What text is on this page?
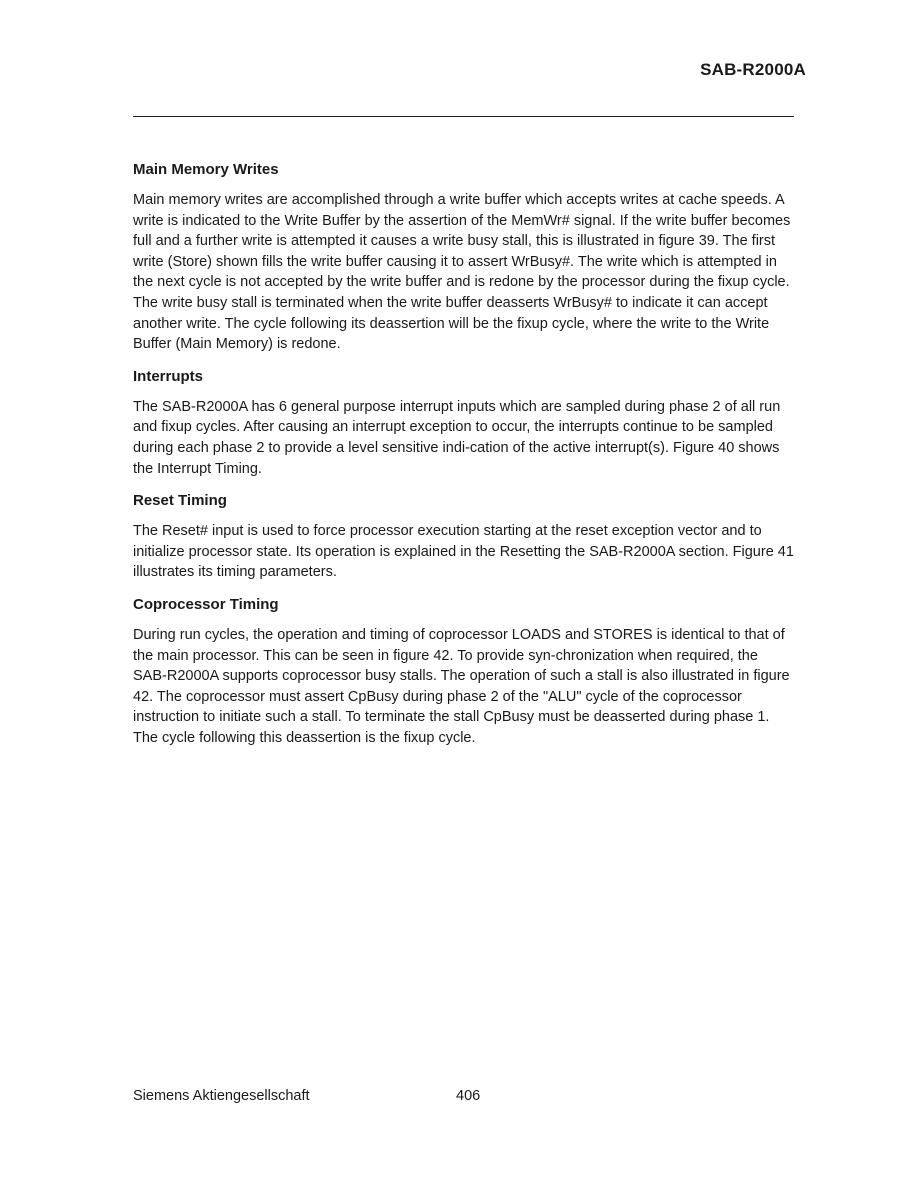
SAB-R2000A
Main Memory Writes

Main memory writes are accomplished through a write buffer which accepts writes at cache speeds. A write is indicated to the Write Buffer by the assertion of the MemWr# signal. If the write buffer becomes full and a further write is attempted it causes a write busy stall, this is illustrated in figure 39. The first write (Store) shown fills the write buffer causing it to assert WrBusy#. The write which is attempted in the next cycle is not accepted by the write buffer and is redone by the processor during the fixup cycle. The write busy stall is terminated when the write buffer deasserts WrBusy# to indicate it can accept another write. The cycle following its deassertion will be the fixup cycle, where the write to the Write Buffer (Main Memory) is redone.

Interrupts

The SAB-R2000A has 6 general purpose interrupt inputs which are sampled during phase 2 of all run and fixup cycles. After causing an interrupt exception to occur, the interrupts continue to be sampled during each phase 2 to provide a level sensitive indi-cation of the active interrupt(s). Figure 40 shows the Interrupt Timing.

Reset Timing

The Reset# input is used to force processor execution starting at the reset exception vector and to initialize processor state. Its operation is explained in the Resetting the SAB-R2000A section. Figure 41 illustrates its timing parameters.

Coprocessor Timing

During run cycles, the operation and timing of coprocessor LOADS and STORES is identical to that of the main processor. This can be seen in figure 42. To provide syn-chronization when required, the SAB-R2000A supports coprocessor busy stalls. The operation of such a stall is also illustrated in figure 42. The coprocessor must assert CpBusy during phase 2 of the "ALU" cycle of the coprocessor instruction to initiate such a stall. To terminate the stall CpBusy must be deasserted during phase 1. The cycle following this deassertion is the fixup cycle.

Siemens Aktiengesellschaft	406
